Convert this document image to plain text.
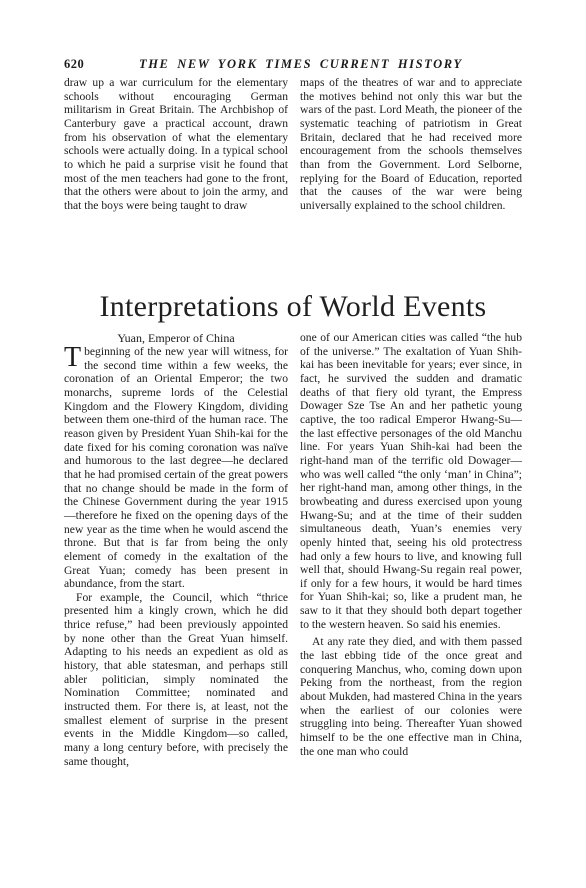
620	THE NEW YORK TIMES CURRENT HISTORY

draw up a war curriculum for the elementary schools without encouraging German militarism in Great Britain. The Archbishop of Canterbury gave a practical account, drawn from his observation of what the elementary schools were actually doing. In a typical school to which he paid a surprise visit he found that most of the men teachers had gone to the front, that the others were about to join the army, and that the boys were being taught to draw

maps of the theatres of war and to appreciate the motives behind not only this war but the wars of the past. Lord Meath, the pioneer of the systematic teaching of patriotism in Great Britain, declared that he had received more encouragement from the schools themselves than from the Government. Lord Selborne, replying for the Board of Education, reported that the causes of the war were being universally explained to the school children.

Interpretations of World Events
Yuan, Emperor of China

Tbeginning of the new year will witness, for the second time within a few weeks, the coronation of an Oriental Emperor; the two monarchs, supreme lords of the Celestial Kingdom and the Flowery Kingdom, dividing between them one-third of the human race. The reason given by President Yuan Shih-kai for the date fixed for his coming coronation was naïve and humorous to the last degree—he declared that he had promised certain of the great powers that no change should be made in the form of the Chinese Government during the year 1915—therefore he fixed on the opening days of the new year as the time when he would ascend the throne. But that is far from being the only element of comedy in the exaltation of the Great Yuan; comedy has been present in abundance, from the start.

For example, the Council, which “thrice presented him a kingly crown, which he did thrice refuse,” had been previously appointed by none other than the Great Yuan himself. Adapting to his needs an expedient as old as history, that able statesman, and perhaps still abler politician, simply nominated the Nomination Committee; nominated and instructed them. For there is, at least, not the smallest element of surprise in the present events in the Middle Kingdom—so called, many a long century before, with precisely the same thought,

one of our American cities was called “the hub of the universe.” The exaltation of Yuan Shih-kai has been inevitable for years; ever since, in fact, he survived the sudden and dramatic deaths of that fiery old tyrant, the Empress Dowager Sze Tse An and her pathetic young captive, the too radical Emperor Hwang-Su—the last effective personages of the old Manchu line. For years Yuan Shih-kai had been the right-hand man of the terrific old Dowager—who was well called “the only ‘man’ in China”; her right-hand man, among other things, in the browbeating and duress exercised upon young Hwang-Su; and at the time of their sudden simultaneous death, Yuan’s enemies very openly hinted that, seeing his old protectress had only a few hours to live, and knowing full well that, should Hwang-Su regain real power, if only for a few hours, it would be hard times for Yuan Shih-kai; so, like a prudent man, he saw to it that they should both depart together to the western heaven. So said his enemies.

At any rate they died, and with them passed the last ebbing tide of the once great and conquering Manchus, who, coming down upon Peking from the northeast, from the region about Mukden, had mastered China in the years when the earliest of our colonies were struggling into being. Thereafter Yuan showed himself to be the one effective man in China, the one man who could
